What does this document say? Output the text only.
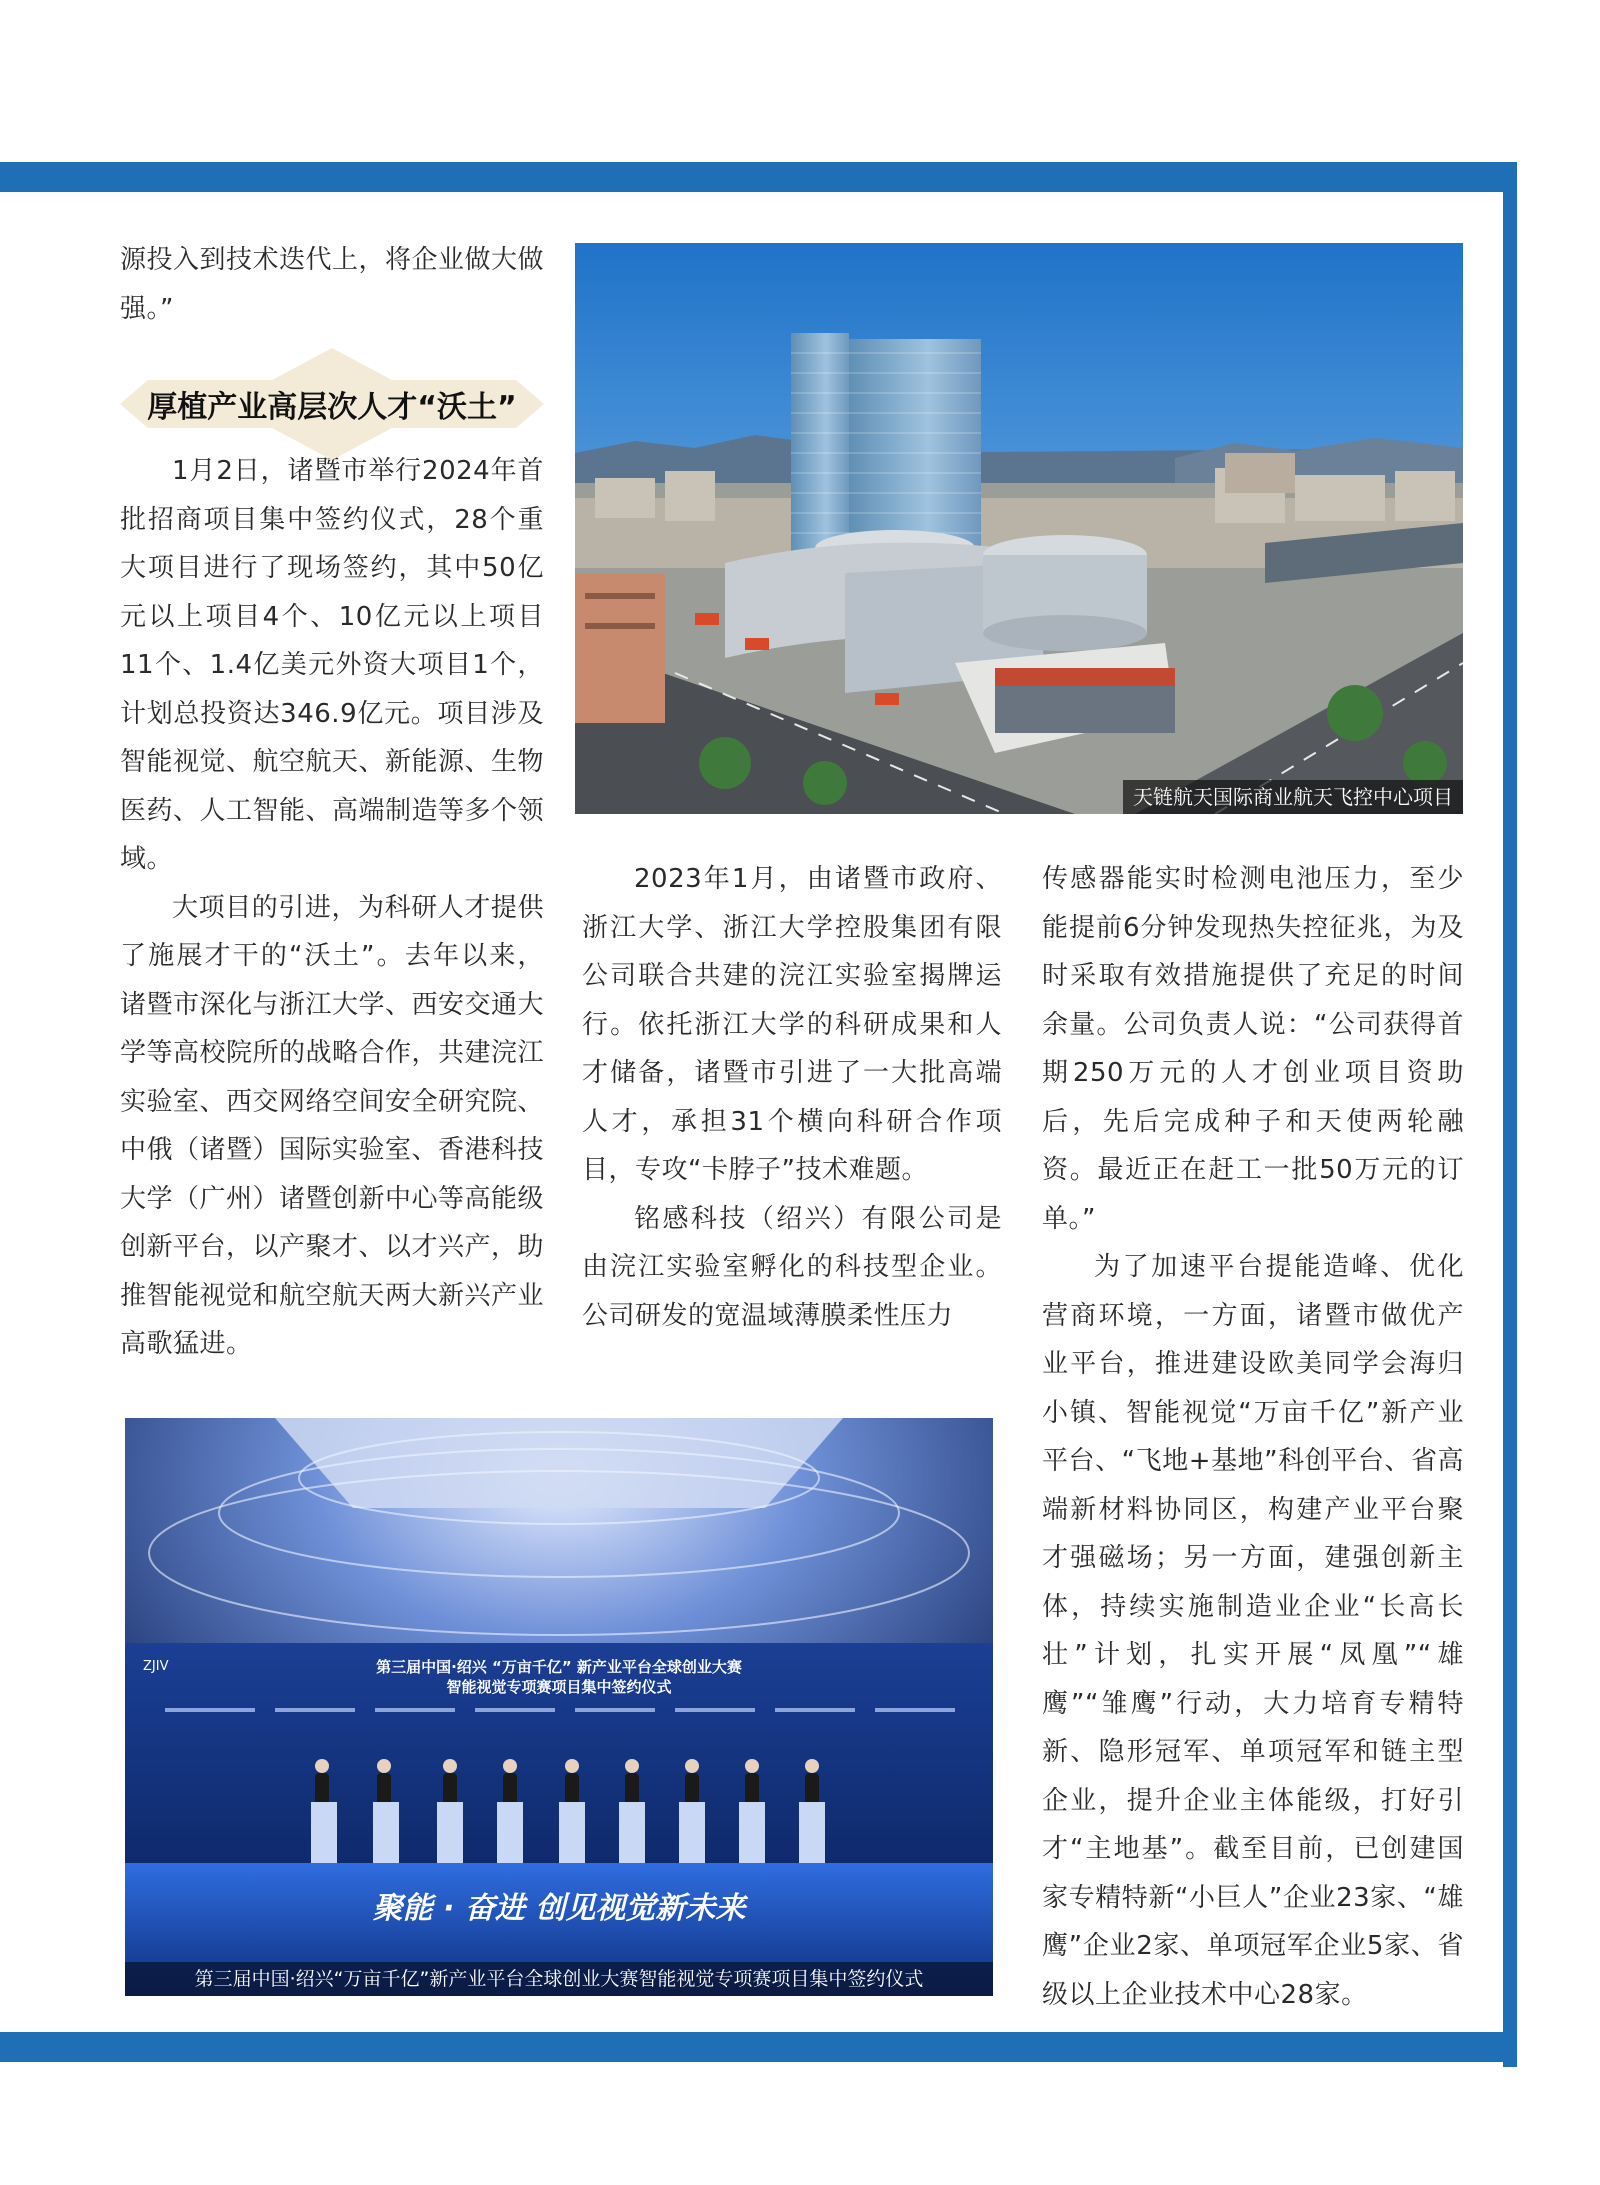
源投入到技术迭代上，将企业做大做强。”

1月2日，诸暨市举行2024年首批招商项目集中签约仪式，28个重大项目进行了现场签约，其中50亿元以上项目4个、10亿元以上项目11个、1.4亿美元外资大项目1个，计划总投资达346.9亿元。项目涉及智能视觉、航空航天、新能源、生物医药、人工智能、高端制造等多个领域。

大项目的引进，为科研人才提供了施展才干的“沃土”。去年以来，诸暨市深化与浙江大学、西安交通大学等高校院所的战略合作，共建浣江实验室、西交网络空间安全研究院、中俄（诸暨）国际实验室、香港科技大学（广州）诸暨创新中心等高能级创新平台，以产聚才、以才兴产，助推智能视觉和航空航天两大新兴产业高歌猛进。

厚植产业高层次人才“沃土”
天链航天国际商业航天飞控中心项目

2023年1月，由诸暨市政府、浙江大学、浙江大学控股集团有限公司联合共建的浣江实验室揭牌运行。依托浙江大学的科研成果和人才储备，诸暨市引进了一大批高端人才，承担31个横向科研合作项目，专攻“卡脖子”技术难题。

铭感科技（绍兴）有限公司是由浣江实验室孵化的科技型企业。公司研发的宽温域薄膜柔性压力

传感器能实时检测电池压力，至少能提前6分钟发现热失控征兆，为及时采取有效措施提供了充足的时间余量。公司负责人说：“公司获得首期250万元的人才创业项目资助后，先后完成种子和天使两轮融资。最近正在赶工一批50万元的订单。”

为了加速平台提能造峰、优化营商环境，一方面，诸暨市做优产业平台，推进建设欧美同学会海归小镇、智能视觉“万亩千亿”新产业平台、“飞地+基地”科创平台、省高端新材料协同区，构建产业平台聚才强磁场；另一方面，建强创新主体，持续实施制造业企业“长高长壮”计划，扎实开展“凤凰”“雄鹰”“雏鹰”行动，大力培育专精特新、隐形冠军、单项冠军和链主型企业，提升企业主体能级，打好引才“主地基”。截至目前，已创建国家专精特新“小巨人”企业23家、“雄鹰”企业2家、单项冠军企业5家、省级以上企业技术中心28家。

ZJIV	第三届中国·绍兴 “万亩千亿” 新产业平台全球创业大赛
智能视觉专项赛项目集中签约仪式
聚能 · 奋进 创见视觉新未来
第三届中国·绍兴“万亩千亿”新产业平台全球创业大赛智能视觉专项赛项目集中签约仪式
